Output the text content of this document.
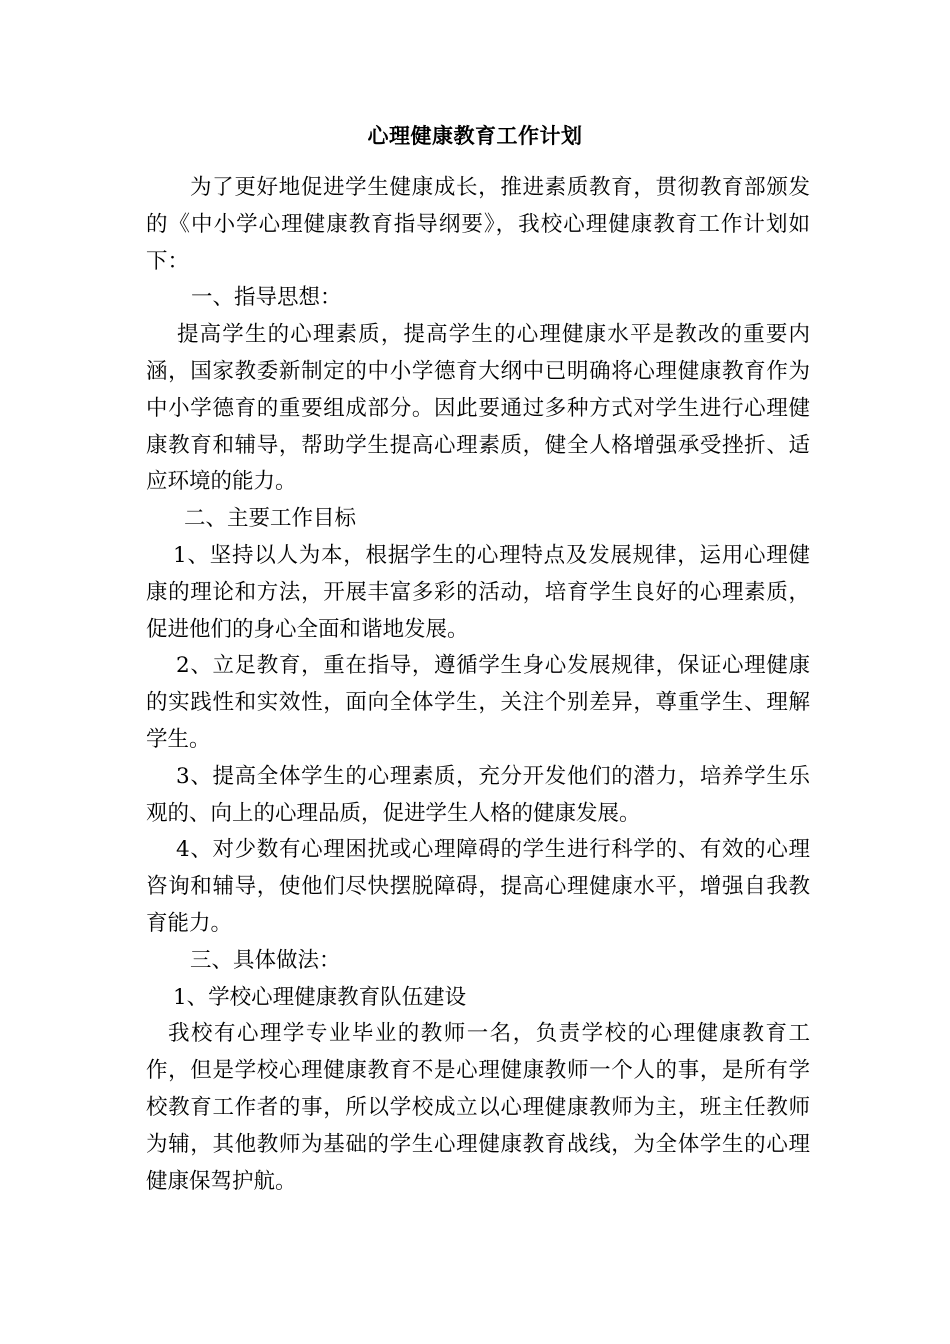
心理健康教育工作计划

为了更好地促进学生健康成长，推进素质教育，贯彻教育部颁发的《中小学心理健康教育指导纲要》，我校心理健康教育工作计划如下：

一、指导思想：

提高学生的心理素质，提高学生的心理健康水平是教改的重要内涵，国家教委新制定的中小学德育大纲中已明确将心理健康教育作为中小学德育的重要组成部分。因此要通过多种方式对学生进行心理健康教育和辅导，帮助学生提高心理素质，健全人格增强承受挫折、适应环境的能力。

二、主要工作目标

1、坚持以人为本，根据学生的心理特点及发展规律，运用心理健康的理论和方法，开展丰富多彩的活动，培育学生良好的心理素质，促进他们的身心全面和谐地发展。

2、立足教育，重在指导，遵循学生身心发展规律，保证心理健康的实践性和实效性，面向全体学生，关注个别差异，尊重学生、理解学生。

3、提高全体学生的心理素质，充分开发他们的潜力，培养学生乐观的、向上的心理品质，促进学生人格的健康发展。

4、对少数有心理困扰或心理障碍的学生进行科学的、有效的心理咨询和辅导，使他们尽快摆脱障碍，提高心理健康水平，增强自我教育能力。

三、具体做法：

1、学校心理健康教育队伍建设

我校有心理学专业毕业的教师一名，负责学校的心理健康教育工作，但是学校心理健康教育不是心理健康教师一个人的事，是所有学校教育工作者的事，所以学校成立以心理健康教师为主，班主任教师为辅，其他教师为基础的学生心理健康教育战线，为全体学生的心理健康保驾护航。
